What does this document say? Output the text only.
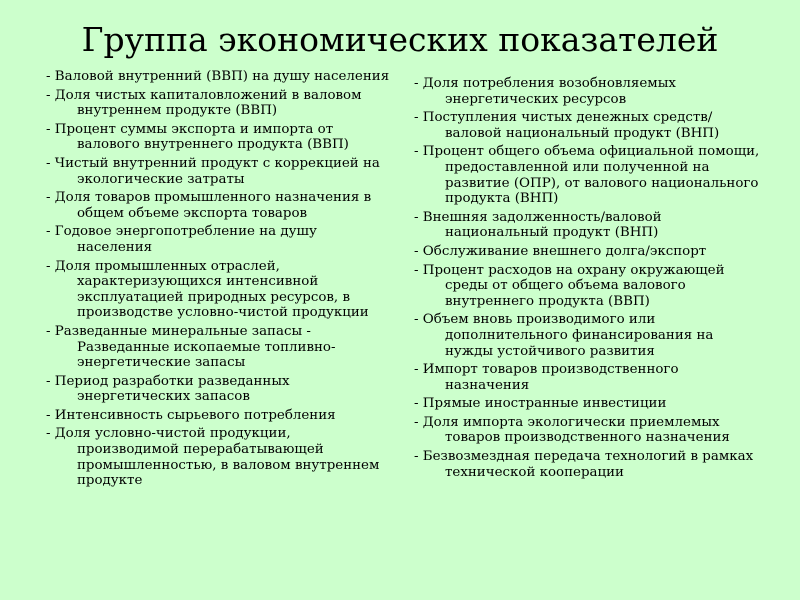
Группа экономических показателей
- Валовой внутренний (ВВП) на душу населения
- Доля чистых капиталовложений в валовом внутреннем продукте (ВВП)
- Процент суммы экспорта и импорта от валового внутреннего продукта (ВВП)
- Чистый внутренний продукт с коррекцией на экологические затраты
- Доля товаров промышленного назначения в общем объеме экспорта товаров
- Годовое энергопотребление на душу населения
- Доля промышленных отраслей, характеризующихся интенсивной эксплуатацией природных ресурсов, в производстве условно-чистой продукции
- Разведанные минеральные запасы - Разведанные ископаемые топливно-энергетические запасы
- Период разработки разведанных энергетических запасов
- Интенсивность сырьевого потребления
- Доля условно-чистой продукции, производимой перерабатывающей промышленностью, в валовом внутреннем продукте
- Доля потребления возобновляемых энергетических ресурсов
- Поступления чистых денежных средств/валовой национальный продукт (ВНП)
- Процент общего объема официальной помощи, предоставленной или полученной на развитие (ОПР), от валового национального продукта (ВНП)
- Внешняя задолженность/валовой национальный продукт (ВНП)
- Обслуживание внешнего долга/экспорт
- Процент расходов на охрану окружающей среды от общего объема валового внутреннего продукта (ВВП)
- Объем вновь производимого или дополнительного финансирования на нужды устойчивого развития
- Импорт товаров производственного назначения
- Прямые иностранные инвестиции
- Доля импорта экологически приемлемых товаров производственного назначения
- Безвозмездная передача технологий в рамках технической кооперации
